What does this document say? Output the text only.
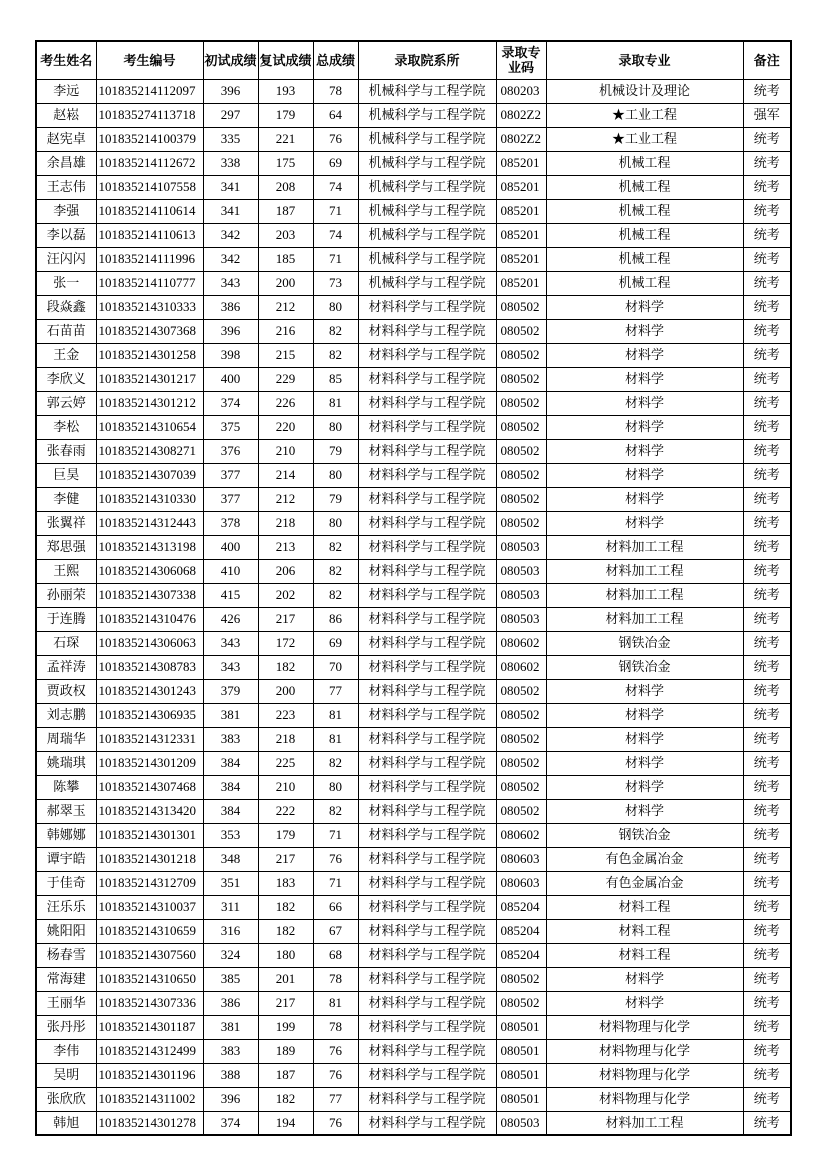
考生姓名	考生编号	初试成绩	复试成绩	总成绩	录取院系所	录取专业码	录取专业	备注
李远	101835214112097	396	193	78	机械科学与工程学院	080203	机械设计及理论	统考
赵崧	101835274113718	297	179	64	机械科学与工程学院	0802Z2	★工业工程	强军
赵宪卓	101835214100379	335	221	76	机械科学与工程学院	0802Z2	★工业工程	统考
余昌雄	101835214112672	338	175	69	机械科学与工程学院	085201	机械工程	统考
王志伟	101835214107558	341	208	74	机械科学与工程学院	085201	机械工程	统考
李强	101835214110614	341	187	71	机械科学与工程学院	085201	机械工程	统考
李以磊	101835214110613	342	203	74	机械科学与工程学院	085201	机械工程	统考
汪闪闪	101835214111996	342	185	71	机械科学与工程学院	085201	机械工程	统考
张一	101835214110777	343	200	73	机械科学与工程学院	085201	机械工程	统考
段焱鑫	101835214310333	386	212	80	材料科学与工程学院	080502	材料学	统考
石苗苗	101835214307368	396	216	82	材料科学与工程学院	080502	材料学	统考
王金	101835214301258	398	215	82	材料科学与工程学院	080502	材料学	统考
李欣义	101835214301217	400	229	85	材料科学与工程学院	080502	材料学	统考
郭云婷	101835214301212	374	226	81	材料科学与工程学院	080502	材料学	统考
李松	101835214310654	375	220	80	材料科学与工程学院	080502	材料学	统考
张春雨	101835214308271	376	210	79	材料科学与工程学院	080502	材料学	统考
巨昊	101835214307039	377	214	80	材料科学与工程学院	080502	材料学	统考
李健	101835214310330	377	212	79	材料科学与工程学院	080502	材料学	统考
张翼祥	101835214312443	378	218	80	材料科学与工程学院	080502	材料学	统考
郑思强	101835214313198	400	213	82	材料科学与工程学院	080503	材料加工工程	统考
王熙	101835214306068	410	206	82	材料科学与工程学院	080503	材料加工工程	统考
孙丽荣	101835214307338	415	202	82	材料科学与工程学院	080503	材料加工工程	统考
于连腾	101835214310476	426	217	86	材料科学与工程学院	080503	材料加工工程	统考
石琛	101835214306063	343	172	69	材料科学与工程学院	080602	钢铁冶金	统考
孟祥涛	101835214308783	343	182	70	材料科学与工程学院	080602	钢铁冶金	统考
贾政权	101835214301243	379	200	77	材料科学与工程学院	080502	材料学	统考
刘志鹏	101835214306935	381	223	81	材料科学与工程学院	080502	材料学	统考
周瑞华	101835214312331	383	218	81	材料科学与工程学院	080502	材料学	统考
姚瑞琪	101835214301209	384	225	82	材料科学与工程学院	080502	材料学	统考
陈攀	101835214307468	384	210	80	材料科学与工程学院	080502	材料学	统考
郝翠玉	101835214313420	384	222	82	材料科学与工程学院	080502	材料学	统考
韩娜娜	101835214301301	353	179	71	材料科学与工程学院	080602	钢铁冶金	统考
谭宇皓	101835214301218	348	217	76	材料科学与工程学院	080603	有色金属冶金	统考
于佳奇	101835214312709	351	183	71	材料科学与工程学院	080603	有色金属冶金	统考
汪乐乐	101835214310037	311	182	66	材料科学与工程学院	085204	材料工程	统考
姚阳阳	101835214310659	316	182	67	材料科学与工程学院	085204	材料工程	统考
杨春雪	101835214307560	324	180	68	材料科学与工程学院	085204	材料工程	统考
常海建	101835214310650	385	201	78	材料科学与工程学院	080502	材料学	统考
王丽华	101835214307336	386	217	81	材料科学与工程学院	080502	材料学	统考
张丹彤	101835214301187	381	199	78	材料科学与工程学院	080501	材料物理与化学	统考
李伟	101835214312499	383	189	76	材料科学与工程学院	080501	材料物理与化学	统考
吴明	101835214301196	388	187	76	材料科学与工程学院	080501	材料物理与化学	统考
张欣欣	101835214311002	396	182	77	材料科学与工程学院	080501	材料物理与化学	统考
韩旭	101835214301278	374	194	76	材料科学与工程学院	080503	材料加工工程	统考
